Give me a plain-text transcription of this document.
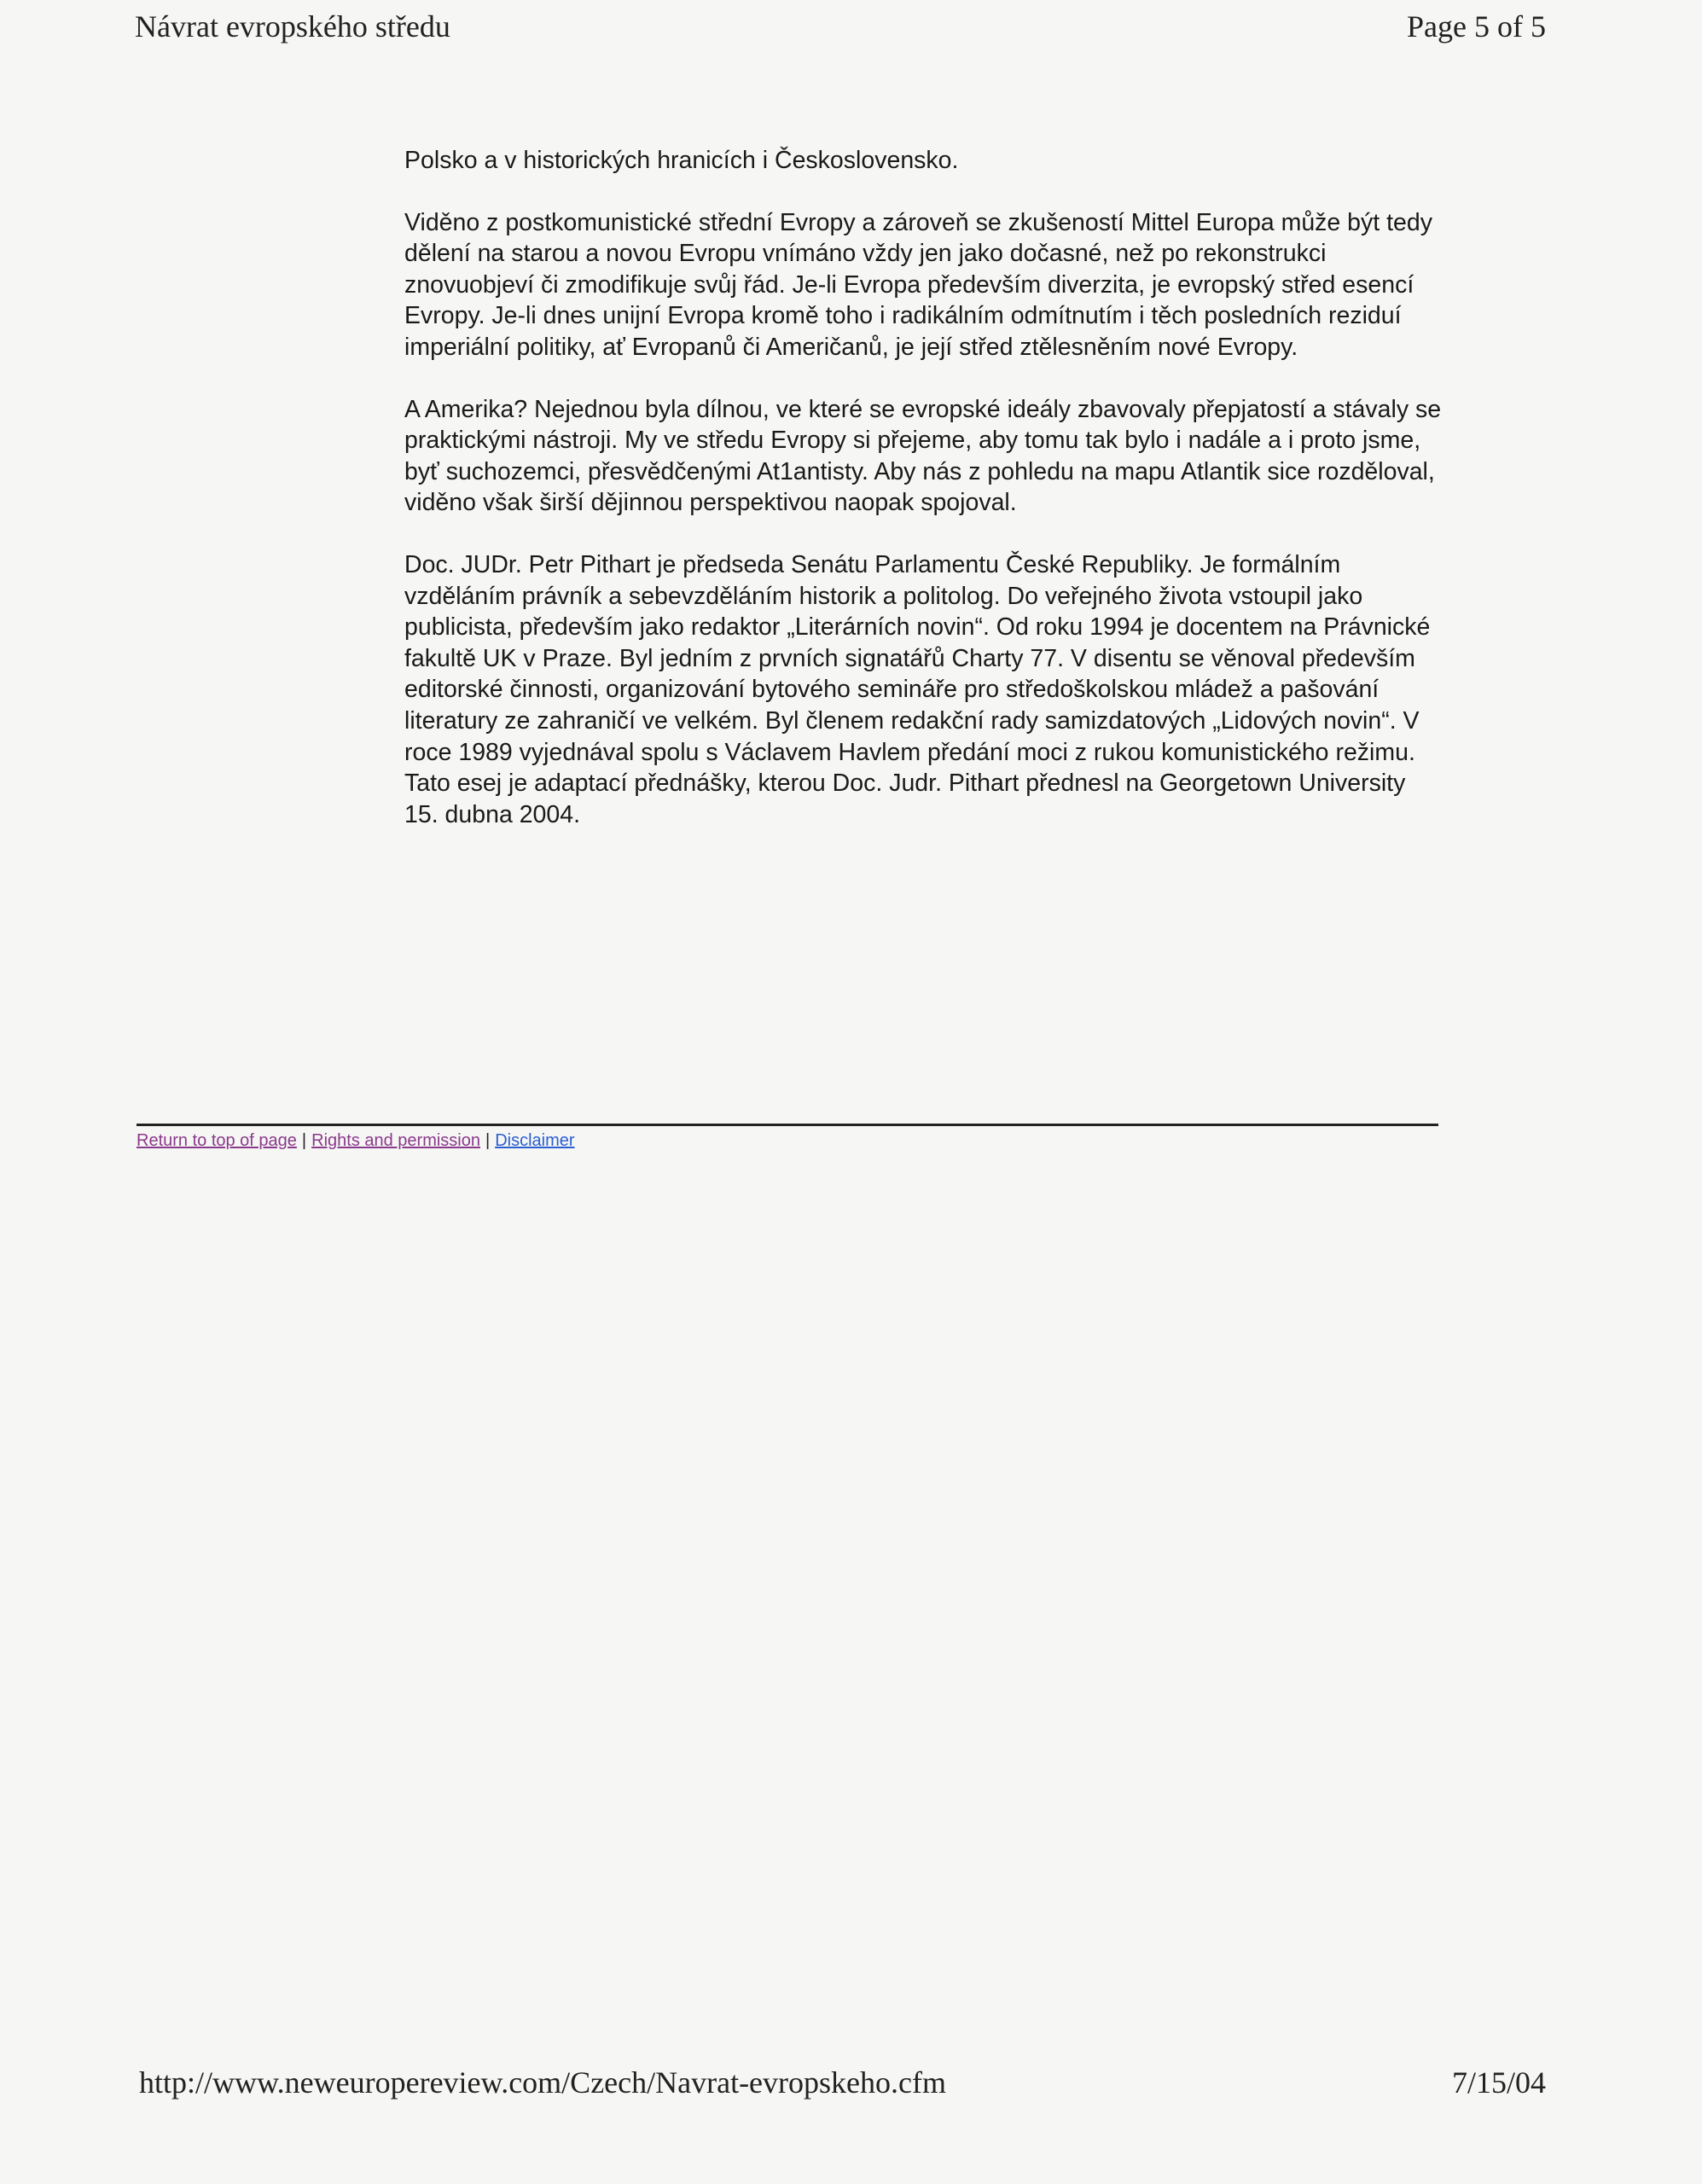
Návrat evropského středu	Page 5 of 5

Polsko a v historických hranicích i Československo.

Viděno z postkomunistické střední Evropy a zároveň se zkušeností Mittel Europa může být tedy dělení na starou a novou Evropu vnímáno vždy jen jako dočasné, než po rekonstrukci znovuobjeví či zmodifikuje svůj řád. Je-li Evropa především diverzita, je evropský střed esencí Evropy. Je-li dnes unijní Evropa kromě toho i radikálním odmítnutím i těch posledních reziduí imperiální politiky, ať Evropanů či Američanů, je její střed ztělesněním nové Evropy.

A Amerika? Nejednou byla dílnou, ve které se evropské ideály zbavovaly přepjatostí a stávaly se praktickými nástroji. My ve středu Evropy si přejeme, aby tomu tak bylo i nadále a i proto jsme, byť suchozemci, přesvědčenými At1antisty. Aby nás z pohledu na mapu Atlantik sice rozděloval, viděno však širší dějinnou perspektivou naopak spojoval.

Doc. JUDr. Petr Pithart je předseda Senátu Parlamentu České Republiky. Je formálním vzděláním právník a sebevzděláním historik a politolog. Do veřejného života vstoupil jako publicista, především jako redaktor „Literárních novin“. Od roku 1994 je docentem na Právnické fakultě UK v Praze. Byl jedním z prvních signatářů Charty 77. V disentu se věnoval především editorské činnosti, organizování bytového semináře pro středoškolskou mládež a pašování literatury ze zahraničí ve velkém. Byl členem redakční rady samizdatových „Lidových novin“. V roce 1989 vyjednával spolu s Václavem Havlem předání moci z rukou komunistického režimu. Tato esej je adaptací přednášky, kterou Doc. Judr. Pithart přednesl na Georgetown University 15. dubna 2004.

Return to top of page | Rights and permission | Disclaimer
http://www.neweuropereview.com/Czech/Navrat-evropskeho.cfm	7/15/04
